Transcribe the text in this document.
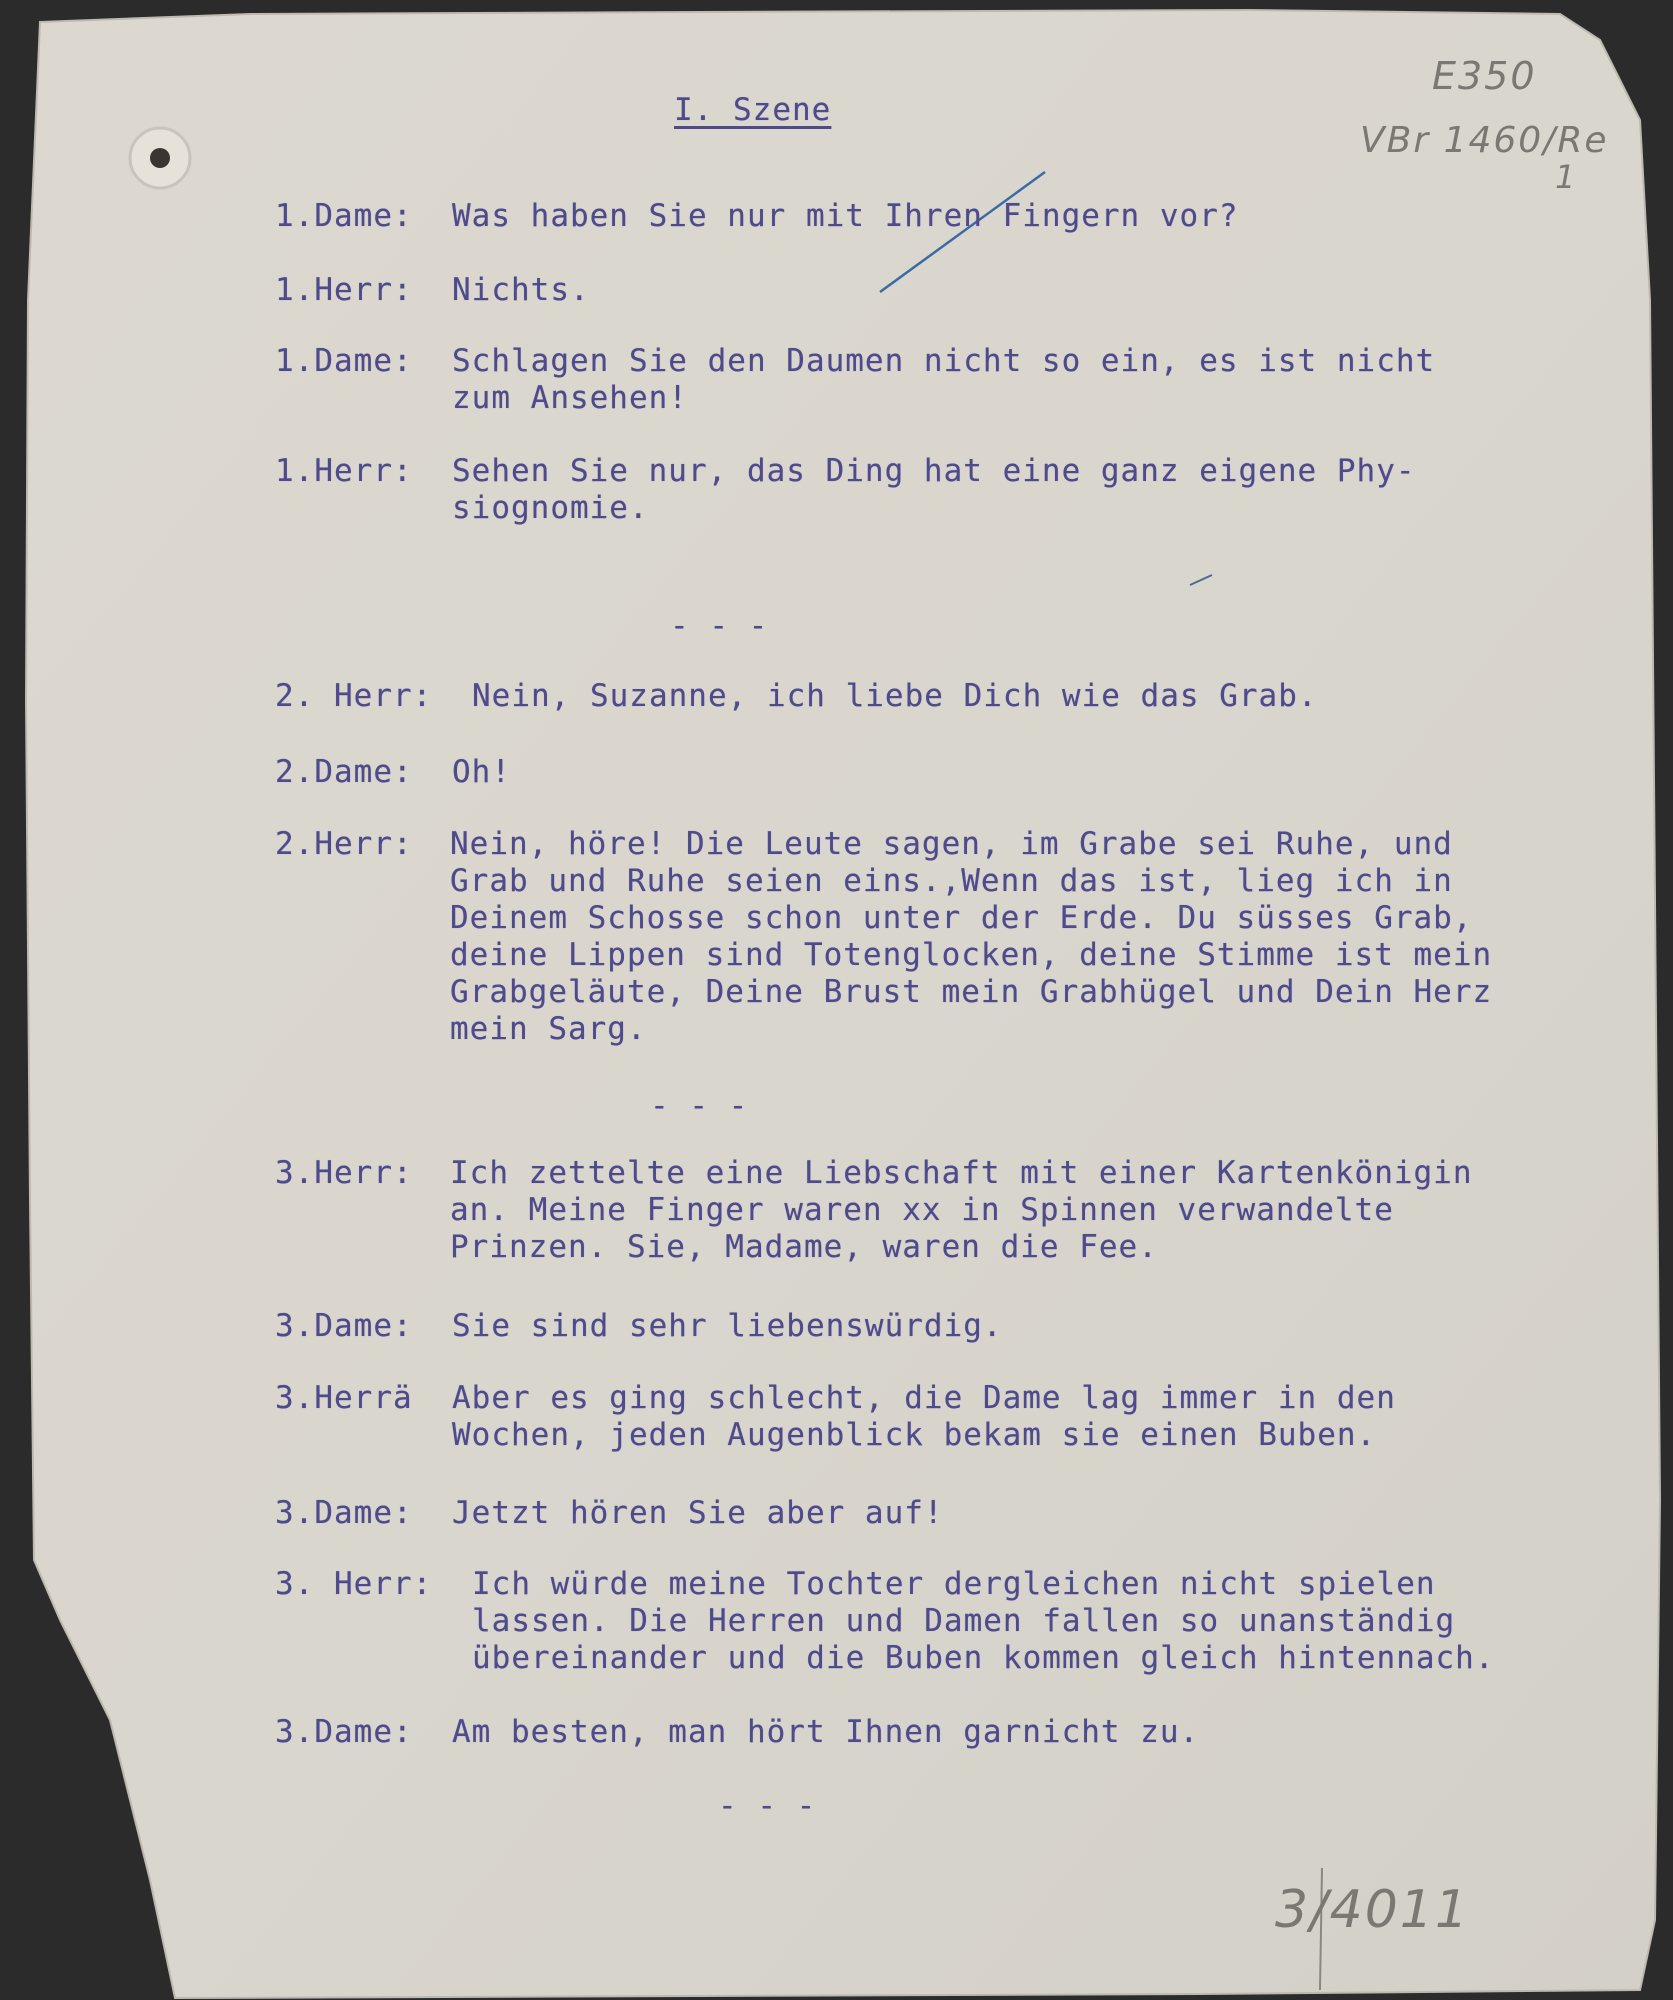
E350
VBr 1460/Re
1
3/4011
I. Szene
1.Dame: Was haben Sie nur mit Ihren Fingern vor?
1.Herr: Nichts.
1.Dame: Schlagen Sie den Daumen nicht so ein, es ist nicht
zum Ansehen!
1.Herr: Sehen Sie nur, das Ding hat eine ganz eigene Phy-
siognomie.
2. Herr: Nein, Suzanne, ich liebe Dich wie das Grab.
2.Dame: Oh!
2.Herr: Nein, höre! Die Leute sagen, im Grabe sei Ruhe, und
Grab und Ruhe seien eins.,Wenn das ist, lieg ich in
Deinem Schosse schon unter der Erde. Du süsses Grab,
deine Lippen sind Totenglocken, deine Stimme ist mein
Grabgeläute, Deine Brust mein Grabhügel und Dein Herz
mein Sarg.
3.Herr: Ich zettelte eine Liebschaft mit einer Kartenkönigin
an. Meine Finger waren xx in Spinnen verwandelte
Prinzen. Sie, Madame, waren die Fee.
3.Dame: Sie sind sehr liebenswürdig.
3.Herrä Aber es ging schlecht, die Dame lag immer in den
Wochen, jeden Augenblick bekam sie einen Buben.
3.Dame: Jetzt hören Sie aber auf!
3. Herr: Ich würde meine Tochter dergleichen nicht spielen
lassen. Die Herren und Damen fallen so unanständig
übereinander und die Buben kommen gleich hintennach.
3.Dame: Am besten, man hört Ihnen garnicht zu.
- - -
- - -
- - -
